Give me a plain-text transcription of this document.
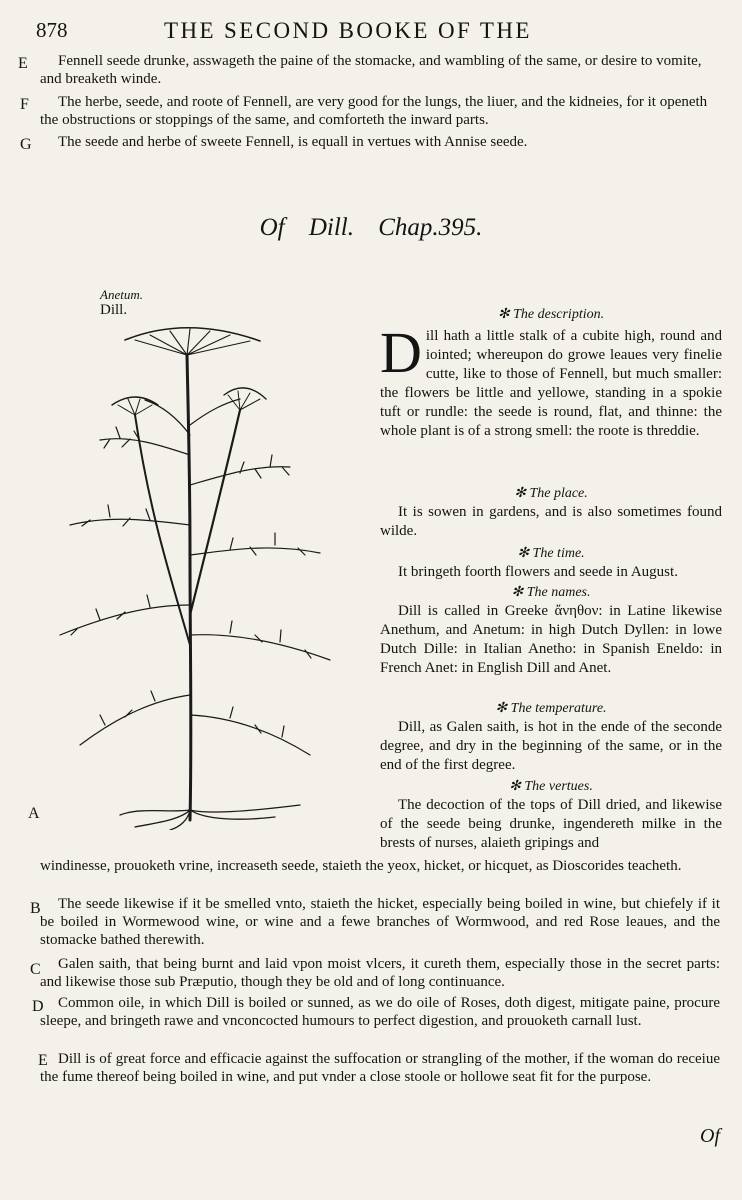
878	THE SECOND BOOKE OF THE
E	Fennell seede drunke, asswageth the paine of the stomacke, and wambling of the same, or desire to vomite, and breaketh winde.
F	The herbe, seede, and roote of Fennell, are very good for the lungs, the liuer, and the kidneies, for it openeth the obstructions or stoppings of the same, and comforteth the inward parts.
G	The seede and herbe of sweete Fennell, is equall in vertues with Annise seede.
Of Dill. Chap.395.
Anetum.
Dill.	✻ The description.
Dill hath a little stalk of a cubite high, round and iointed; whereupon do growe leaues very finelie cutte, like to those of Fennell, but much smaller: the flowers be little and yellowe, standing in a spokie tuft or rundle: the seede is round, flat, and thinne: the whole plant is of a strong smell: the roote is threddie.
✻ The place.
It is sowen in gardens, and is also sometimes found wilde.
✻ The time.
It bringeth foorth flowers and seede in August.
✻ The names.
Dill is called in Greeke ἄνηθον: in Latine likewise Anethum, and Anetum: in high Dutch Dyllen: in lowe Dutch Dille: in Italian Anetho: in Spanish Eneldo: in French Anet: in English Dill and Anet.
✻ The temperature.
Dill, as Galen saith, is hot in the ende of the seconde degree, and dry in the beginning of the same, or in the end of the first degree.
✻ The vertues.
A	The decoction of the tops of Dill dried, and likewise of the seede being drunke, ingendereth milke in the brests of nurses, alaieth gripings and
windinesse, prouoketh vrine, increaseth seede, staieth the yeox, hicket, or hicquet, as Dioscorides teacheth.
B	The seede likewise if it be smelled vnto, staieth the hicket, especially being boiled in wine, but chiefely if it be boiled in Wormewood wine, or wine and a fewe branches of Wormwood, and red Rose leaues, and the stomacke bathed therewith.
C	Galen saith, that being burnt and laid vpon moist vlcers, it cureth them, especially those in the secret parts: and likewise those sub Præputio, though they be old and of long continuance.
D Common oile, in which Dill is boiled or sunned, as we do oile of Roses, doth digest, mitigate paine, procure sleepe, and bringeth rawe and vnconcocted humours to perfect digestion, and prouoketh carnall lust.
E Dill is of great force and efficacie against the suffocation or strangling of the mother, if the woman do receiue the fume thereof being boiled in wine, and put vnder a close stoole or hollowe seat fit for the purpose.
Of
